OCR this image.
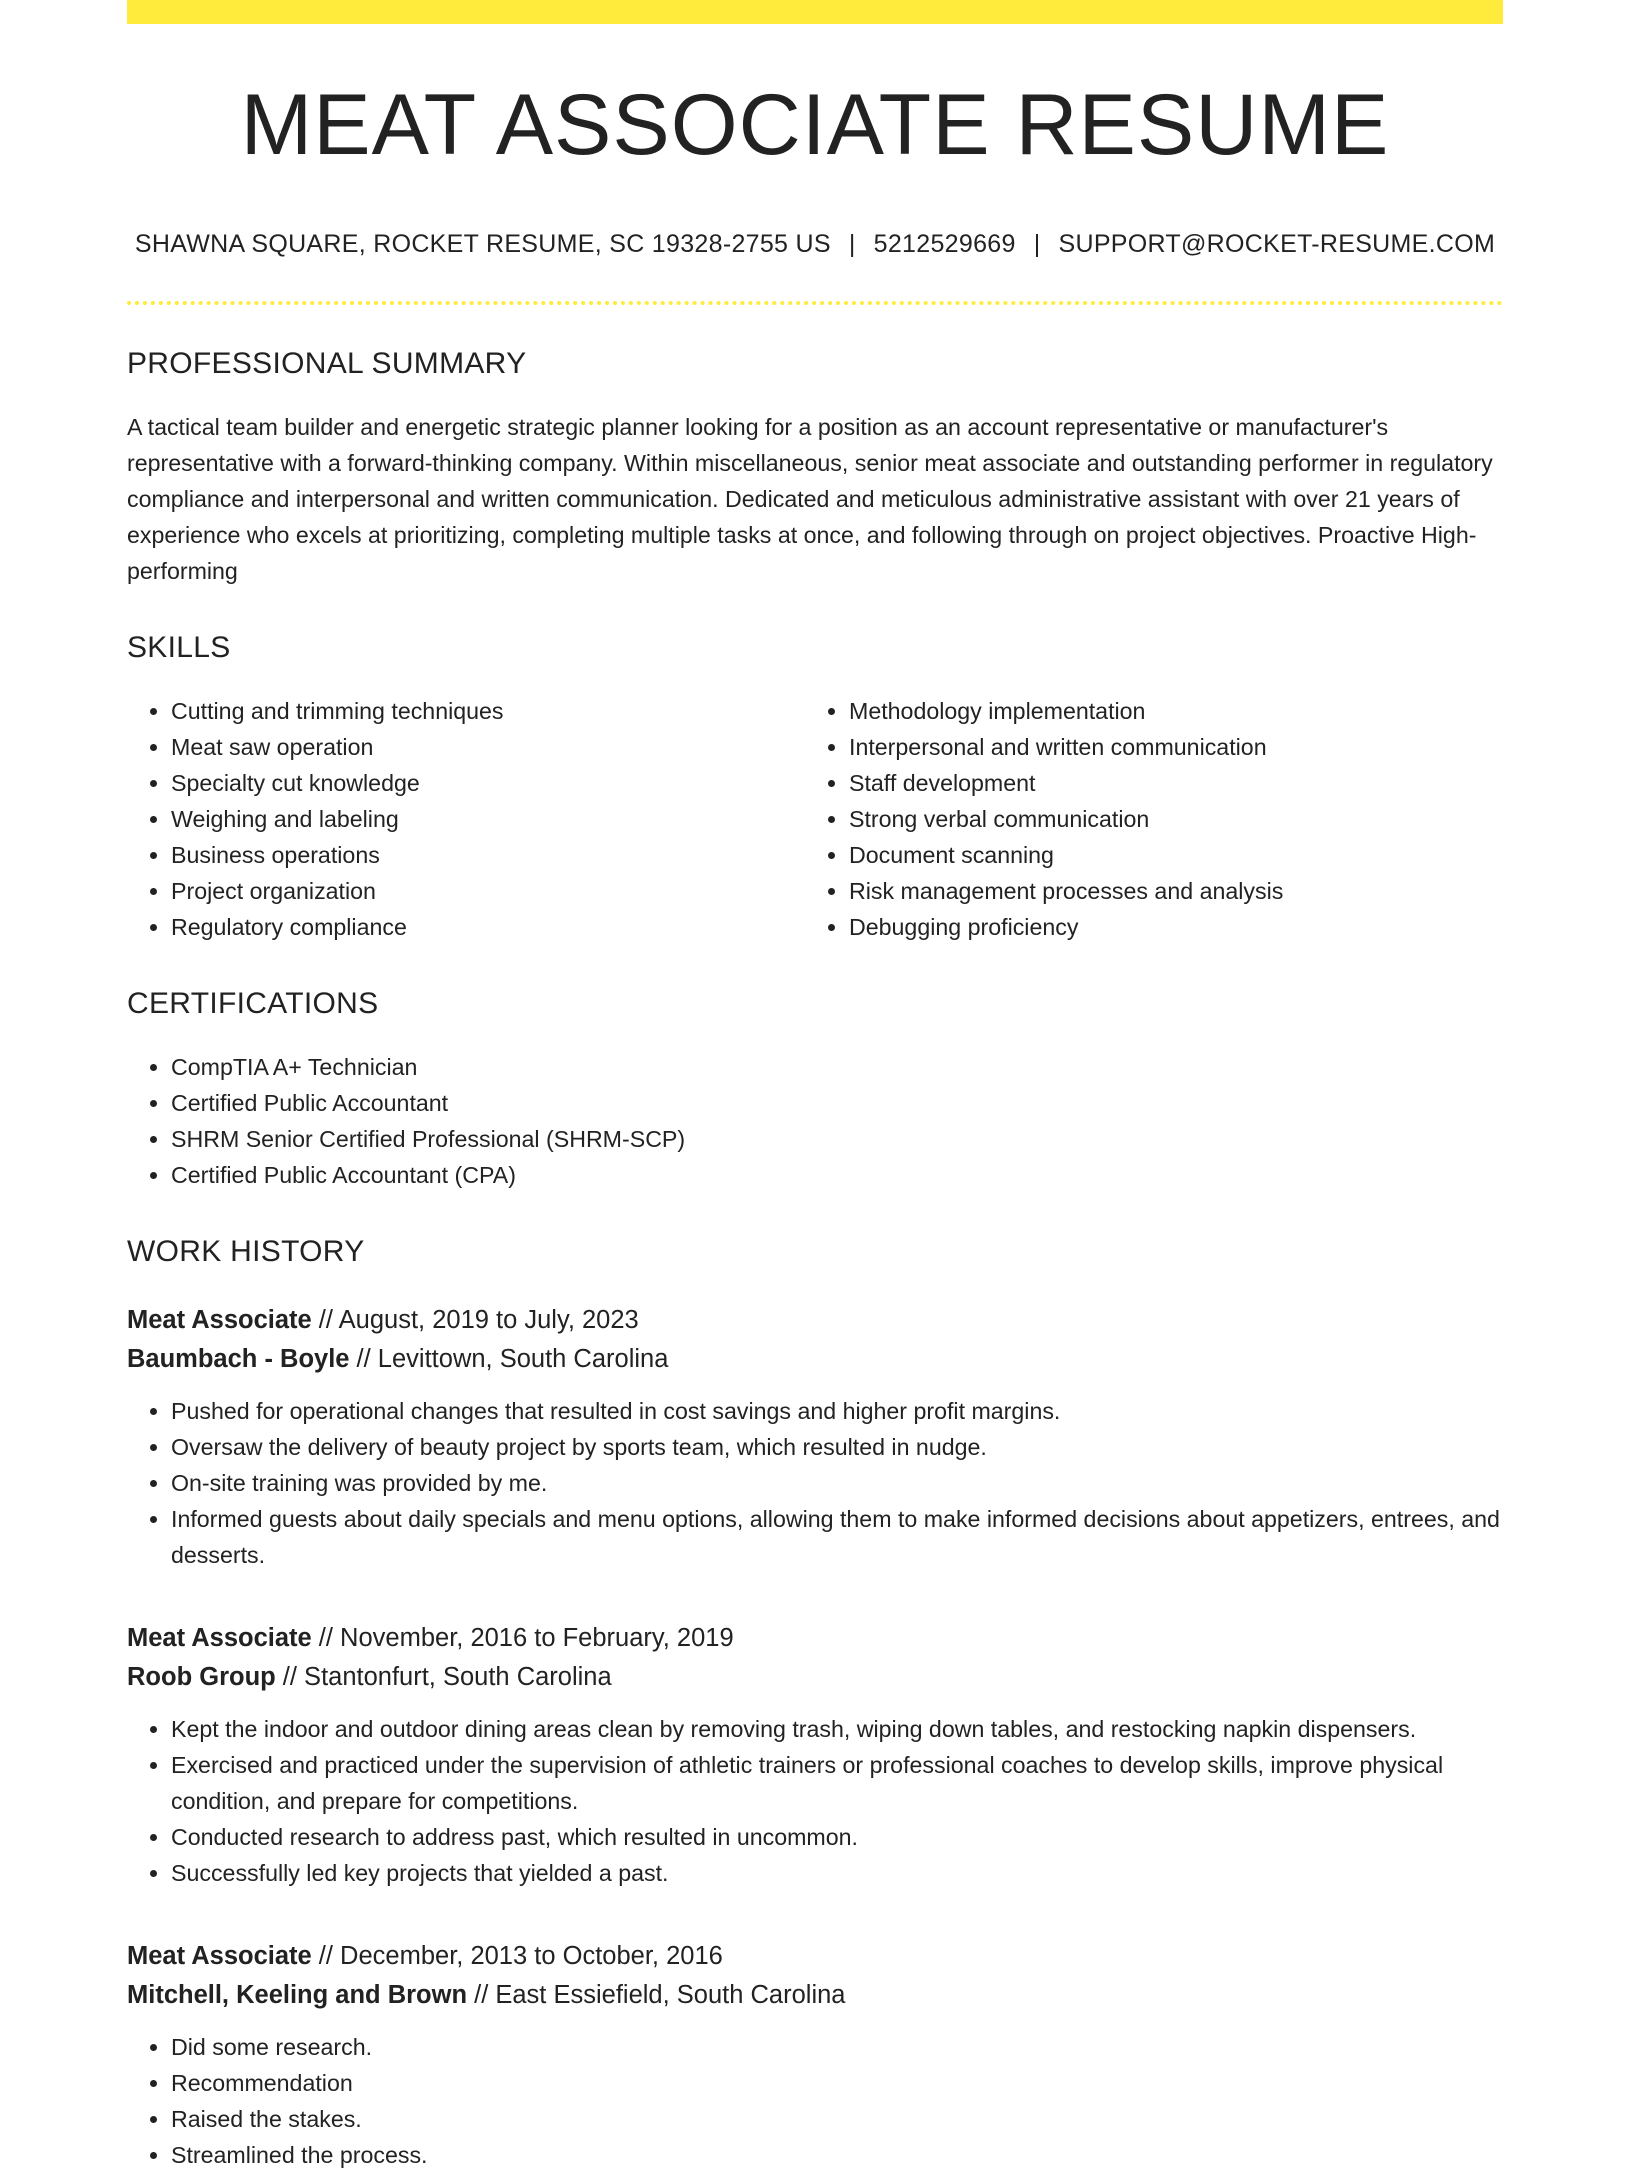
MEAT ASSOCIATE RESUME
SHAWNA SQUARE, ROCKET RESUME, SC 19328-2755 US | 5212529669 | SUPPORT@ROCKET-RESUME.COM
PROFESSIONAL SUMMARY

A tactical team builder and energetic strategic planner looking for a position as an account representative or manufacturer's representative with a forward-thinking company. Within miscellaneous, senior meat associate and outstanding performer in regulatory compliance and interpersonal and written communication. Dedicated and meticulous administrative assistant with over 21 years of experience who excels at prioritizing, completing multiple tasks at once, and following through on project objectives. Proactive High-performing

SKILLS
• Cutting and trimming techniques
• Meat saw operation
• Specialty cut knowledge
• Weighing and labeling
• Business operations
• Project organization
• Regulatory compliance
• Methodology implementation
• Interpersonal and written communication
• Staff development
• Strong verbal communication
• Document scanning
• Risk management processes and analysis
• Debugging proficiency
CERTIFICATIONS
• CompTIA A+ Technician
• Certified Public Accountant
• SHRM Senior Certified Professional (SHRM-SCP)
• Certified Public Accountant (CPA)
WORK HISTORY
Meat Associate // August, 2019 to July, 2023
Baumbach - Boyle // Levittown, South Carolina
• Pushed for operational changes that resulted in cost savings and higher profit margins.
• Oversaw the delivery of beauty project by sports team, which resulted in nudge.
• On-site training was provided by me.
• Informed guests about daily specials and menu options, allowing them to make informed decisions about appetizers, entrees, and desserts.
Meat Associate // November, 2016 to February, 2019
Roob Group // Stantonfurt, South Carolina
• Kept the indoor and outdoor dining areas clean by removing trash, wiping down tables, and restocking napkin dispensers.
• Exercised and practiced under the supervision of athletic trainers or professional coaches to develop skills, improve physical condition, and prepare for competitions.
• Conducted research to address past, which resulted in uncommon.
• Successfully led key projects that yielded a past.
Meat Associate // December, 2013 to October, 2016
Mitchell, Keeling and Brown // East Essiefield, South Carolina
• Did some research.
• Recommendation
• Raised the stakes.
• Streamlined the process.
